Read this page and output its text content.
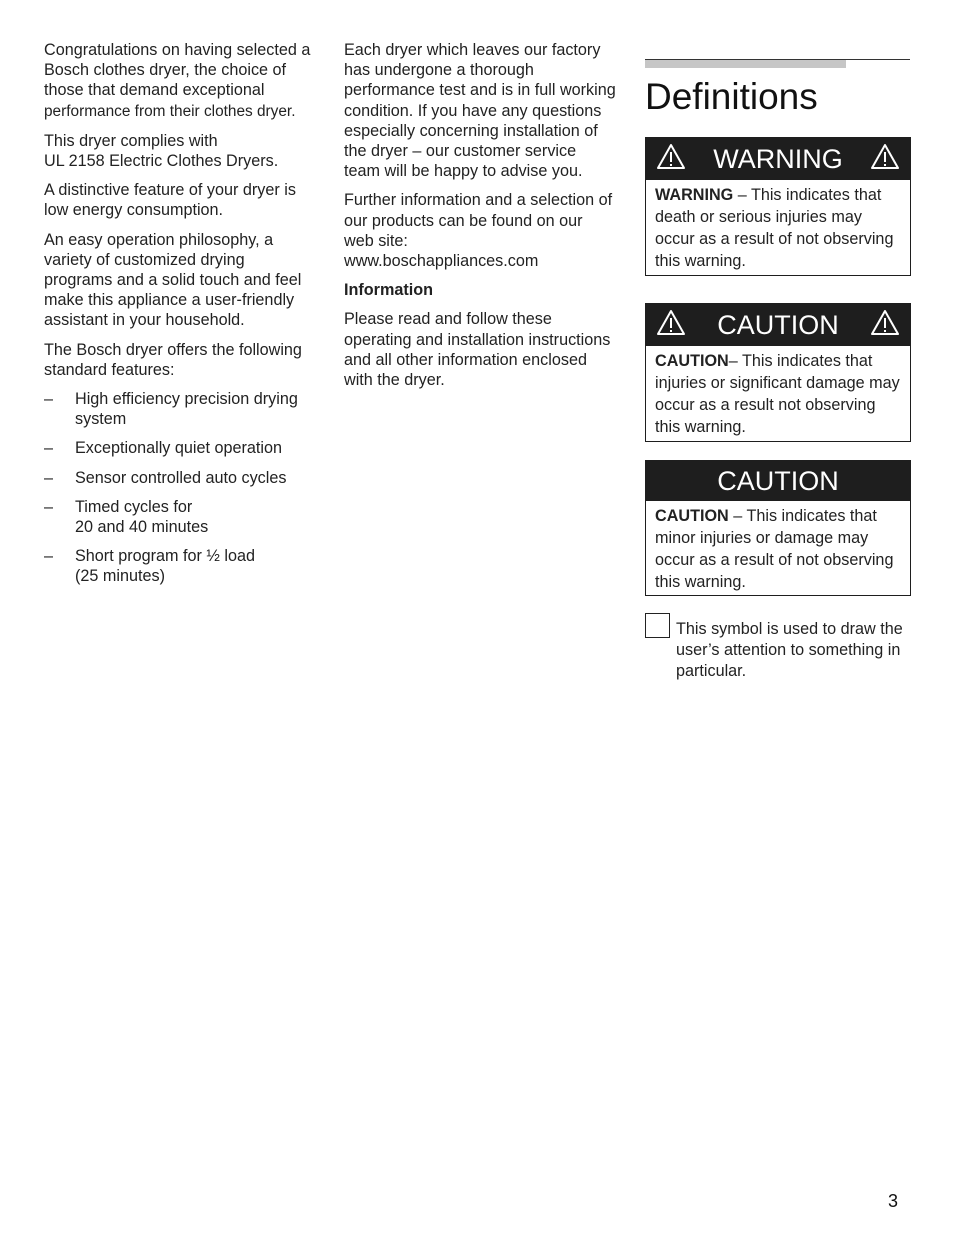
Congratulations on having selected a Bosch clothes dryer, the choice of those that demand exceptional performance from their clothes dryer.

This dryer complies with
UL 2158 Electric Clothes Dryers.

A distinctive feature of your dryer is low energy consumption.

An easy operation philosophy, a variety of customized drying programs and a solid touch and feel make this appliance a user-friendly assistant in your household.

The Bosch dryer offers the following standard features:

– High efficiency precision drying system
– Exceptionally quiet operation
– Sensor controlled auto cycles
– Timed cycles for
20 and 40 minutes
– Short program for ½ load
(25 minutes)

Each dryer which leaves our factory has undergone a thorough performance test and is in full working condition. If you have any questions especially concerning installation of the dryer – our customer service team will be happy to advise you.

Further information and a selection of our products can be found on our web site:
www.boschappliances.com

Information

Please read and follow these operating and installation instructions and all other information enclosed with the dryer.

Definitions
WARNING
WARNING – This indicates that death or serious injuries may occur as a result of not observing this warning.
CAUTION
CAUTION– This indicates that injuries or significant damage may occur as a result not observing this warning.
CAUTION
CAUTION – This indicates that minor injuries or damage may occur as a result of not observing this warning.
This symbol is used to draw the user’s attention to something in particular.
3
